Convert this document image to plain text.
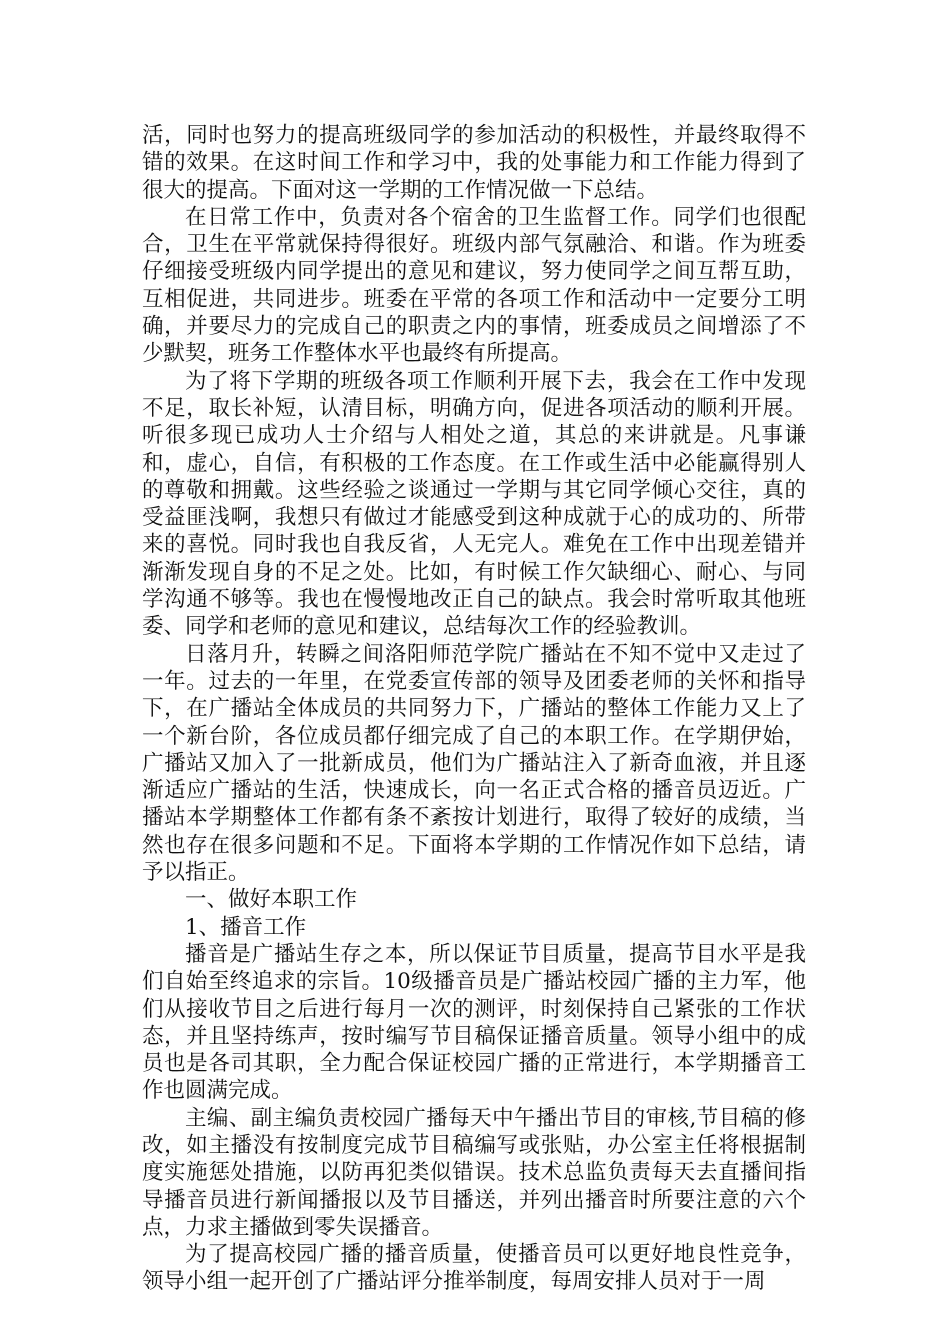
活，同时也努力的提高班级同学的参加活动的积极性，并最终取得不错的效果。在这时间工作和学习中，我的处事能力和工作能力得到了很大的提高。下面对这一学期的工作情况做一下总结。

在日常工作中，负责对各个宿舍的卫生监督工作。同学们也很配合，卫生在平常就保持得很好。班级内部气氛融洽、和谐。作为班委仔细接受班级内同学提出的意见和建议，努力使同学之间互帮互助，互相促进，共同进步。班委在平常的各项工作和活动中一定要分工明确，并要尽力的完成自己的职责之内的事情，班委成员之间增添了不少默契，班务工作整体水平也最终有所提高。

为了将下学期的班级各项工作顺利开展下去，我会在工作中发现不足，取长补短，认清目标，明确方向，促进各项活动的顺利开展。听很多现已成功人士介绍与人相处之道，其总的来讲就是。凡事谦和，虚心，自信，有积极的工作态度。在工作或生活中必能赢得别人的尊敬和拥戴。这些经验之谈通过一学期与其它同学倾心交往，真的受益匪浅啊，我想只有做过才能感受到这种成就于心的成功的、所带来的喜悦。同时我也自我反省，人无完人。难免在工作中出现差错并渐渐发现自身的不足之处。比如，有时候工作欠缺细心、耐心、与同学沟通不够等。我也在慢慢地改正自己的缺点。我会时常听取其他班委、同学和老师的意见和建议，总结每次工作的经验教训。

日落月升，转瞬之间洛阳师范学院广播站在不知不觉中又走过了一年。过去的一年里，在党委宣传部的领导及团委老师的关怀和指导下，在广播站全体成员的共同努力下，广播站的整体工作能力又上了一个新台阶，各位成员都仔细完成了自己的本职工作。在学期伊始，广播站又加入了一批新成员，他们为广播站注入了新奇血液，并且逐渐适应广播站的生活，快速成长，向一名正式合格的播音员迈近。广播站本学期整体工作都有条不紊按计划进行，取得了较好的成绩，当然也存在很多问题和不足。下面将本学期的工作情况作如下总结，请予以指正。

一、做好本职工作

1、播音工作

播音是广播站生存之本，所以保证节目质量，提高节目水平是我们自始至终追求的宗旨。10级播音员是广播站校园广播的主力军，他们从接收节目之后进行每月一次的测评，时刻保持自己紧张的工作状态，并且坚持练声，按时编写节目稿保证播音质量。领导小组中的成员也是各司其职，全力配合保证校园广播的正常进行，本学期播音工作也圆满完成。

主编、副主编负责校园广播每天中午播出节目的审核,节目稿的修改，如主播没有按制度完成节目稿编写或张贴，办公室主任将根据制度实施惩处措施，以防再犯类似错误。技术总监负责每天去直播间指导播音员进行新闻播报以及节目播送，并列出播音时所要注意的六个点，力求主播做到零失误播音。

为了提高校园广播的播音质量，使播音员可以更好地良性竞争，领导小组一起开创了广播站评分推举制度，每周安排人员对于一周
